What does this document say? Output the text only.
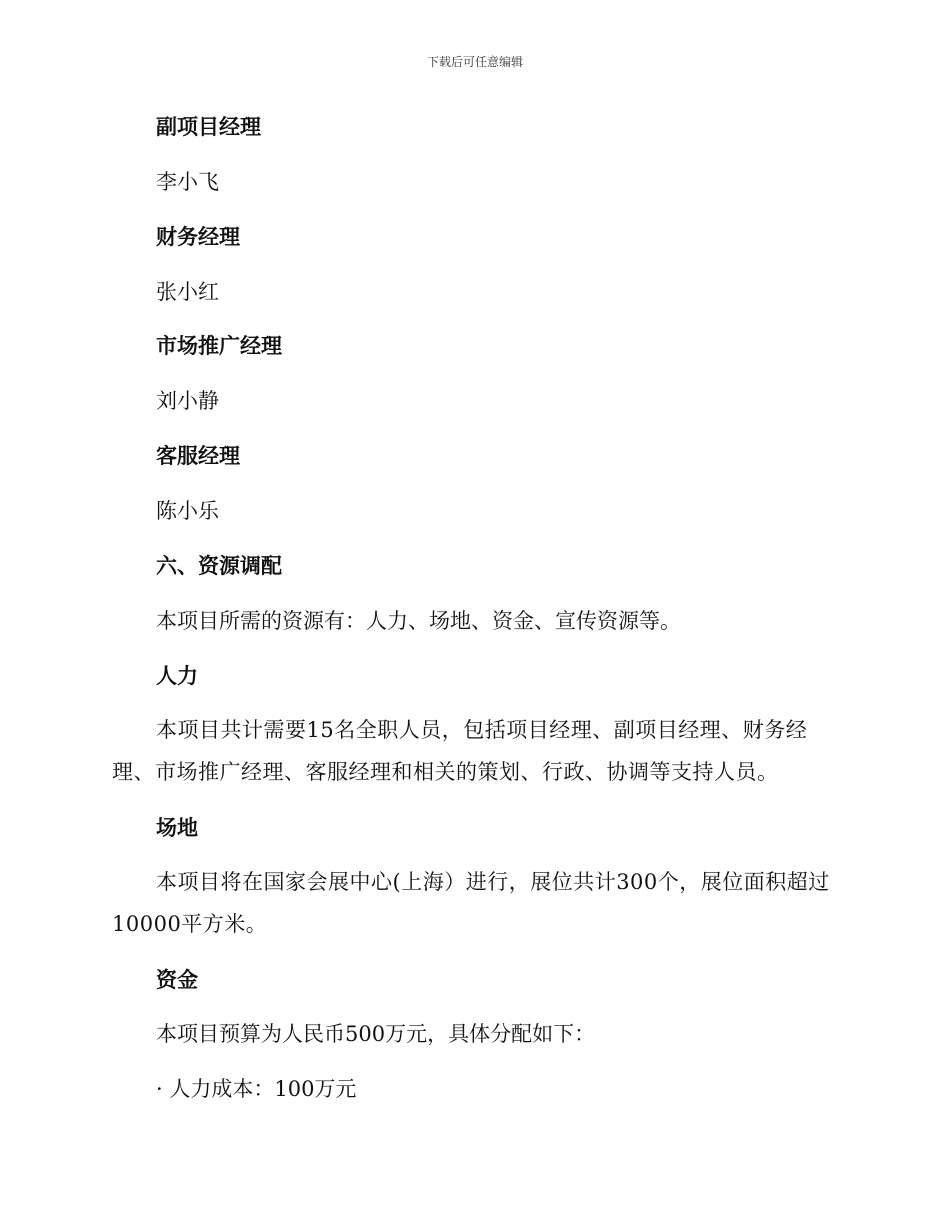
下载后可任意编辑
副项目经理
李小飞
财务经理
张小红
市场推广经理
刘小静
客服经理
陈小乐
六、资源调配
本项目所需的资源有：人力、场地、资金、宣传资源等。
人力
本项目共计需要15名全职人员，包括项目经理、副项目经理、财务经理、市场推广经理、客服经理和相关的策划、行政、协调等支持人员。
场地
本项目将在国家会展中心(上海）进行，展位共计300个，展位面积超过10000平方米。
资金
本项目预算为人民币500万元，具体分配如下：
· 人力成本：100万元
